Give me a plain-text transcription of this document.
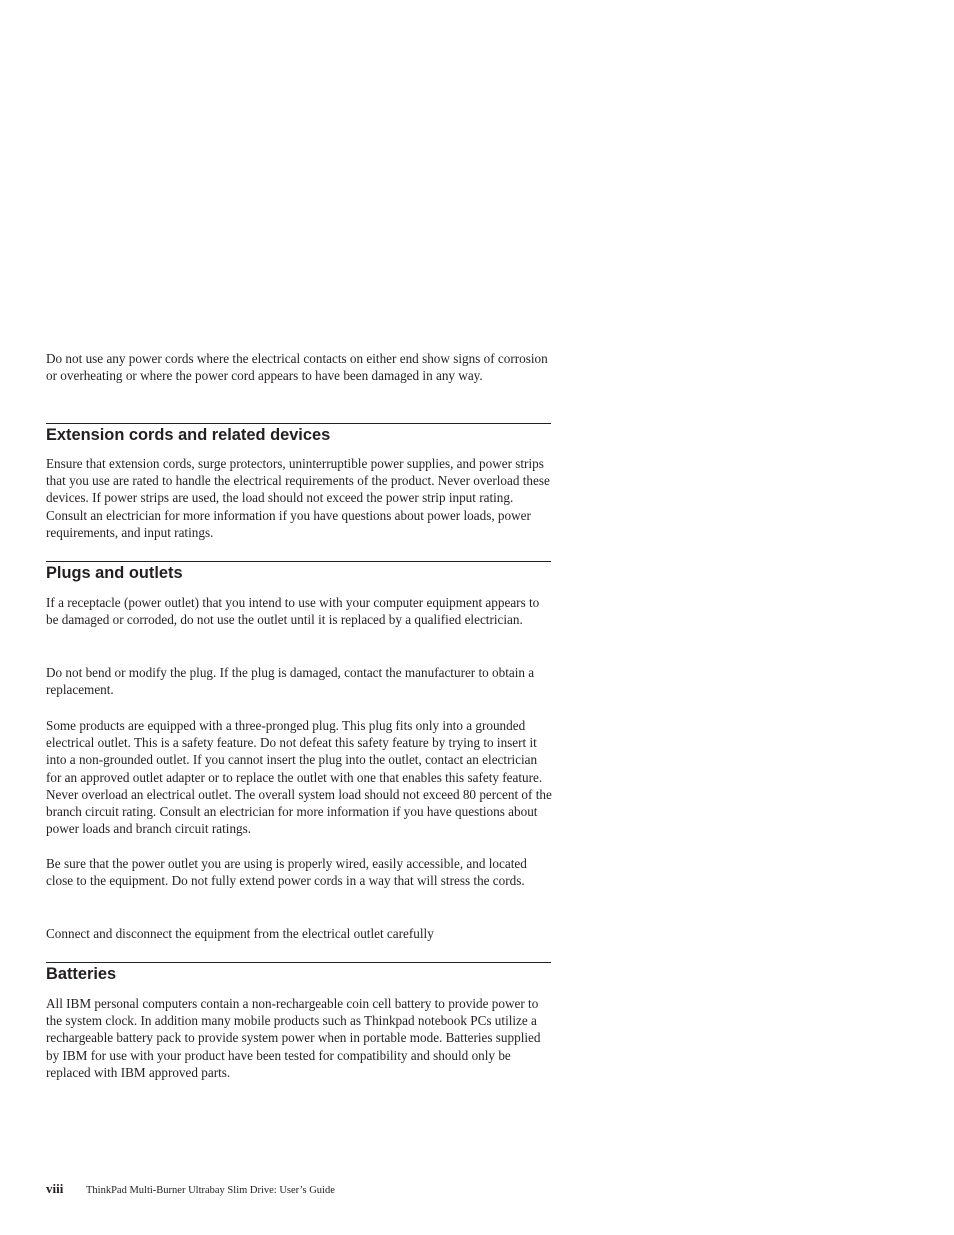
Do not use any power cords where the electrical contacts on either end show signs of corrosion or overheating or where the power cord appears to have been damaged in any way.

Extension cords and related devices

Ensure that extension cords, surge protectors, uninterruptible power supplies, and power strips that you use are rated to handle the electrical requirements of the product. Never overload these devices. If power strips are used, the load should not exceed the power strip input rating. Consult an electrician for more information if you have questions about power loads, power requirements, and input ratings.

Plugs and outlets

If a receptacle (power outlet) that you intend to use with your computer equipment appears to be damaged or corroded, do not use the outlet until it is replaced by a qualified electrician.

Do not bend or modify the plug. If the plug is damaged, contact the manufacturer to obtain a replacement.

Some products are equipped with a three-pronged plug. This plug fits only into a grounded electrical outlet. This is a safety feature. Do not defeat this safety feature by trying to insert it into a non-grounded outlet. If you cannot insert the plug into the outlet, contact an electrician for an approved outlet adapter or to replace the outlet with one that enables this safety feature. Never overload an electrical outlet. The overall system load should not exceed 80 percent of the branch circuit rating. Consult an electrician for more information if you have questions about power loads and branch circuit ratings.

Be sure that the power outlet you are using is properly wired, easily accessible, and located close to the equipment. Do not fully extend power cords in a way that will stress the cords.

Connect and disconnect the equipment from the electrical outlet carefully

Batteries

All IBM personal computers contain a non-rechargeable coin cell battery to provide power to the system clock. In addition many mobile products such as Thinkpad notebook PCs utilize a rechargeable battery pack to provide system power when in portable mode. Batteries supplied by IBM for use with your product have been tested for compatibility and should only be replaced with IBM approved parts.

viii ThinkPad Multi-Burner Ultrabay Slim Drive: User’s Guide
